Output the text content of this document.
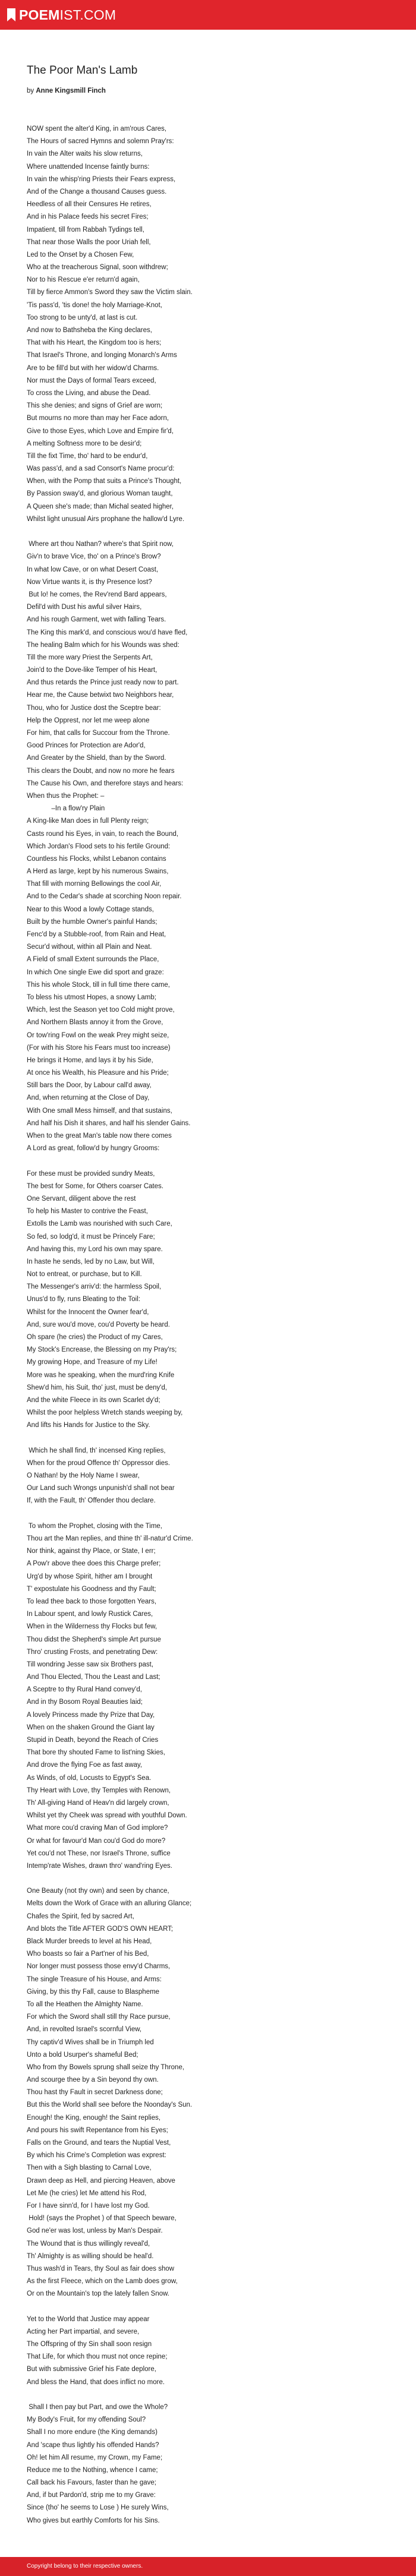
POEMIST.COM
The Poor Man's Lamb
by Anne Kingsmill Finch
NOW spent the alter'd King, in am'rous Cares,
The Hours of sacred Hymns and solemn Pray'rs:
In vain the Alter waits his slow returns,
Where unattended Incense faintly burns:
In vain the whisp'ring Priests their Fears express,
And of the Change a thousand Causes guess.
Heedless of all their Censures He retires,
And in his Palace feeds his secret Fires;
Impatient, till from Rabbah Tydings tell,
That near those Walls the poor Uriah fell,
Led to the Onset by a Chosen Few,
Who at the treacherous Signal, soon withdrew;
Nor to his Rescue e'er return'd again,
Till by fierce Ammon's Sword they saw the Victim slain.
'Tis pass'd, 'tis done! the holy Marriage-Knot,
Too strong to be unty'd, at last is cut.
And now to Bathsheba the King declares,
That with his Heart, the Kingdom too is hers;
That Israel's Throne, and longing Monarch's Arms
Are to be fill'd but with her widow'd Charms.
Nor must the Days of formal Tears exceed,
To cross the Living, and abuse the Dead.
This she denies; and signs of Grief are worn;
But mourns no more than may her Face adorn,
Give to those Eyes, which Love and Empire fir'd,
A melting Softness more to be desir'd;
Till the fixt Time, tho' hard to be endur'd,
Was pass'd, and a sad Consort's Name procur'd:
When, with the Pomp that suits a Prince's Thought,
By Passion sway'd, and glorious Woman taught,
A Queen she's made; than Michal seated higher,
Whilst light unusual Airs prophane the hallow'd Lyre.
Where art thou Nathan? where's that Spirit now,
Giv'n to brave Vice, tho' on a Prince's Brow?
In what low Cave, or on what Desert Coast,
Now Virtue wants it, is thy Presence lost?
But lo! he comes, the Rev'rend Bard appears,
Defil'd with Dust his awful silver Hairs,
And his rough Garment, wet with falling Tears.
The King this mark'd, and conscious wou'd have fled,
The healing Balm which for his Wounds was shed:
Till the more wary Priest the Serpents Art,
Join'd to the Dove-like Temper of his Heart,
And thus retards the Prince just ready now to part.
Hear me, the Cause betwixt two Neighbors hear,
Thou, who for Justice dost the Sceptre bear:
Help the Opprest, nor let me weep alone
For him, that calls for Succour from the Throne.
Good Princes for Protection are Ador'd,
And Greater by the Shield, than by the Sword.
This clears the Doubt, and now no more he fears
The Cause his Own, and therefore stays and hears:
When thus the Prophet: –
–In a flow'ry Plain
A King-like Man does in full Plenty reign;
Casts round his Eyes, in vain, to reach the Bound,
Which Jordan's Flood sets to his fertile Ground:
Countless his Flocks, whilst Lebanon contains
A Herd as large, kept by his numerous Swains,
That fill with morning Bellowings the cool Air,
And to the Cedar's shade at scorching Noon repair.
Near to this Wood a lowly Cottage stands,
Built by the humble Owner's painful Hands;
Fenc'd by a Stubble-roof, from Rain and Heat,
Secur'd without, within all Plain and Neat.
A Field of small Extent surrounds the Place,
In which One single Ewe did sport and graze:
This his whole Stock, till in full time there came,
To bless his utmost Hopes, a snowy Lamb;
Which, lest the Season yet too Cold might prove,
And Northern Blasts annoy it from the Grove,
Or tow'ring Fowl on the weak Prey might seize,
(For with his Store his Fears must too increase)
He brings it Home, and lays it by his Side,
At once his Wealth, his Pleasure and his Pride;
Still bars the Door, by Labour call'd away,
And, when returning at the Close of Day,
With One small Mess himself, and that sustains,
And half his Dish it shares, and half his slender Gains.
When to the great Man's table now there comes
A Lord as great, follow'd by hungry Grooms:
For these must be provided sundry Meats,
The best for Some, for Others coarser Cates.
One Servant, diligent above the rest
To help his Master to contrive the Feast,
Extolls the Lamb was nourished with such Care,
So fed, so lodg'd, it must be Princely Fare;
And having this, my Lord his own may spare.
In haste he sends, led by no Law, but Will,
Not to entreat, or purchase, but to Kill.
The Messenger's arriv'd: the harmless Spoil,
Unus'd to fly, runs Bleating to the Toil:
Whilst for the Innocent the Owner fear'd,
And, sure wou'd move, cou'd Poverty be heard.
Oh spare (he cries) the Product of my Cares,
My Stock's Encrease, the Blessing on my Pray'rs;
My growing Hope, and Treasure of my Life!
More was he speaking, when the murd'ring Knife
Shew'd him, his Suit, tho' just, must be deny'd,
And the white Fleece in its own Scarlet dy'd;
Whilst the poor helpless Wretch stands weeping by,
And lifts his Hands for Justice to the Sky.
Which he shall find, th' incensed King replies,
When for the proud Offence th' Oppressor dies.
O Nathan! by the Holy Name I swear,
Our Land such Wrongs unpunish'd shall not bear
If, with the Fault, th' Offender thou declare.
To whom the Prophet, closing with the Time,
Thou art the Man replies, and thine th' ill-natur'd Crime.
Nor think, against thy Place, or State, I err;
A Pow'r above thee does this Charge prefer;
Urg'd by whose Spirit, hither am I brought
T' expostulate his Goodness and thy Fault;
To lead thee back to those forgotten Years,
In Labour spent, and lowly Rustick Cares,
When in the Wilderness thy Flocks but few,
Thou didst the Shepherd's simple Art pursue
Thro' crusting Frosts, and penetrating Dew:
Till wondring Jesse saw six Brothers past,
And Thou Elected, Thou the Least and Last;
A Sceptre to thy Rural Hand convey'd,
And in thy Bosom Royal Beauties laid;
A lovely Princess made thy Prize that Day,
When on the shaken Ground the Giant lay
Stupid in Death, beyond the Reach of Cries
That bore thy shouted Fame to list'ning Skies,
And drove the flying Foe as fast away,
As Winds, of old, Locusts to Egypt's Sea.
Thy Heart with Love, thy Temples with Renown,
Th' All-giving Hand of Heav'n did largely crown,
Whilst yet thy Cheek was spread with youthful Down.
What more cou'd craving Man of God implore?
Or what for favour'd Man cou'd God do more?
Yet cou'd not These, nor Israel's Throne, suffice
Intemp'rate Wishes, drawn thro' wand'ring Eyes.
One Beauty (not thy own) and seen by chance,
Melts down the Work of Grace with an alluring Glance;
Chafes the Spirit, fed by sacred Art,
And blots the Title AFTER GOD'S OWN HEART;
Black Murder breeds to level at his Head,
Who boasts so fair a Part'ner of his Bed,
Nor longer must possess those envy'd Charms,
The single Treasure of his House, and Arms:
Giving, by this thy Fall, cause to Blaspheme
To all the Heathen the Almighty Name.
For which the Sword shall still thy Race pursue,
And, in revolted Israel's scornful View,
Thy captiv'd Wives shall be in Triumph led
Unto a bold Usurper's shameful Bed;
Who from thy Bowels sprung shall seize thy Throne,
And scourge thee by a Sin beyond thy own.
Thou hast thy Fault in secret Darkness done;
But this the World shall see before the Noonday's Sun.
Enough! the King, enough! the Saint replies,
And pours his swift Repentance from his Eyes;
Falls on the Ground, and tears the Nuptial Vest,
By which his Crime's Completion was exprest:
Then with a Sigh blasting to Carnal Love,
Drawn deep as Hell, and piercing Heaven, above
Let Me (he cries) let Me attend his Rod,
For I have sinn'd, for I have lost my God.
Hold! (says the Prophet ) of that Speech beware,
God ne'er was lost, unless by Man's Despair.
The Wound that is thus willingly reveal'd,
Th' Almighty is as willing should be heal'd.
Thus wash'd in Tears, thy Soul as fair does show
As the first Fleece, which on the Lamb does grow,
Or on the Mountain's top the lately fallen Snow.
Yet to the World that Justice may appear
Acting her Part impartial, and severe,
The Offspring of thy Sin shall soon resign
That Life, for which thou must not once repine;
But with submissive Grief his Fate deplore,
And bless the Hand, that does inflict no more.
Shall I then pay but Part, and owe the Whole?
My Body's Fruit, for my offending Soul?
Shall I no more endure (the King demands)
And 'scape thus lightly his offended Hands?
Oh! let him All resume, my Crown, my Fame;
Reduce me to the Nothing, whence I came;
Call back his Favours, faster than he gave;
And, if but Pardon'd, strip me to my Grave:
Since (tho' he seems to Lose ) He surely Wins,
Who gives but earthly Comforts for his Sins.
Copyright belong to their respective owners.
